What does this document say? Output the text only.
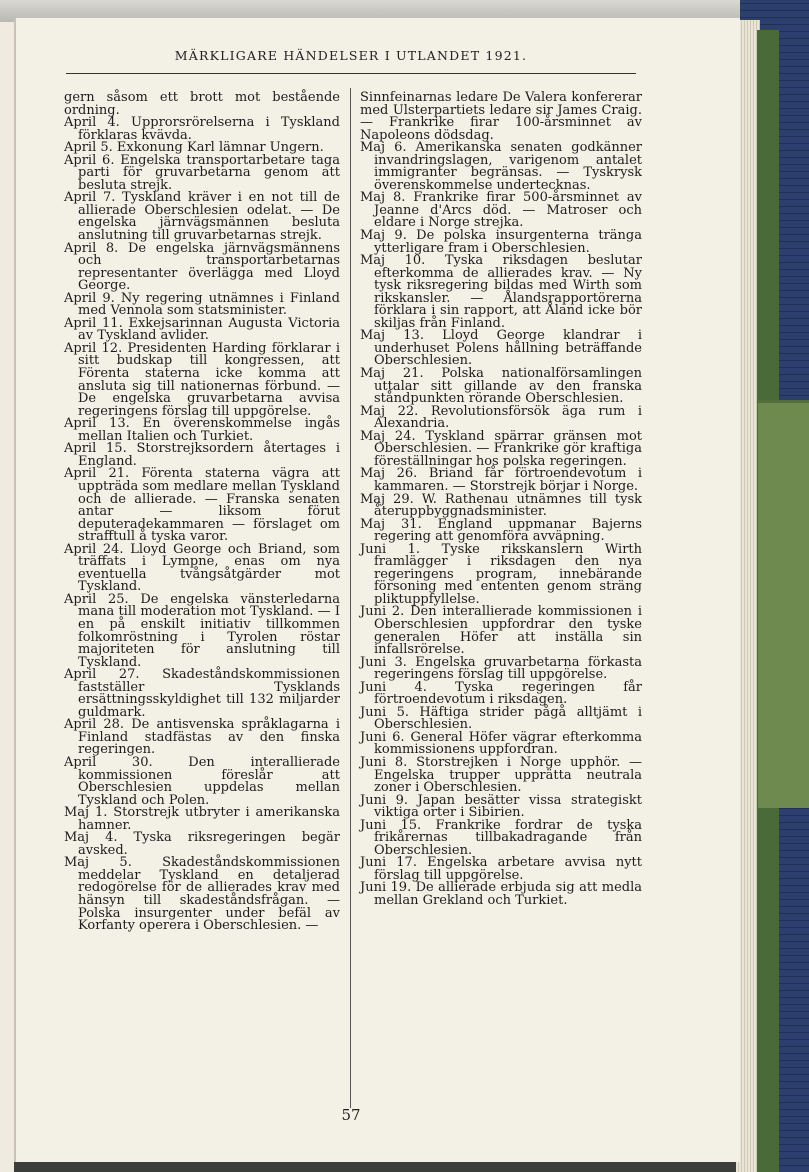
MÄRKLIGARE HÄNDELSER I UTLANDET 1921.

gern såsom ett brott mot bestående ordning.

April 4. Upprorsrörelserna i Tyskland förklaras kvävda.

April 5. Exkonung Karl lämnar Ungern.

April 6. Engelska transportarbetare taga parti för gruvarbetarna genom att besluta strejk.

April 7. Tyskland kräver i en not till de allierade Oberschlesien odelat. — De engelska järnvägsmännen besluta anslutning till gruvarbetarnas strejk.

April 8. De engelska järnvägsmännens och transportarbetarnas representanter överlägga med Lloyd George.

April 9. Ny regering utnämnes i Finland med Vennola som statsminister.

April 11. Exkejsarinnan Augusta Victoria av Tyskland avlider.

April 12. Presidenten Harding förklarar i sitt budskap till kongressen, att Förenta staterna icke komma att ansluta sig till nationernas förbund. — De engelska gruvarbetarna avvisa regeringens förslag till uppgörelse.

April 13. En överenskommelse ingås mellan Italien och Turkiet.

April 15. Storstrejksordern återtages i England.

April 21. Förenta staterna vägra att uppträda som medlare mellan Tyskland och de allierade. — Franska senaten antar — liksom förut deputeradekammaren — förslaget om strafftull å tyska varor.

April 24. Lloyd George och Briand, som träffats i Lympne, enas om nya eventuella tvångsåtgärder mot Tyskland.

April 25. De engelska vänsterledarna mana till moderation mot Tyskland. — I en på enskilt initiativ tillkommen folkomröstning i Tyrolen röstar majoriteten för anslutning till Tyskland.

April 27. Skadeståndskommissionen fastställer Tysklands ersättningsskyldighet till 132 miljarder guldmark.

April 28. De antisvenska språklagarna i Finland stadfästas av den finska regeringen.

April 30. Den interallierade kommissionen föreslår att Oberschlesien uppdelas mellan Tyskland och Polen.

Maj 1. Storstrejk utbryter i amerikanska hamner.

Maj 4. Tyska riksregeringen begär avsked.

Maj 5. Skadeståndskommissionen meddelar Tyskland en detaljerad redogörelse för de allierades krav med hänsyn till skadeståndsfrågan. — Polska insurgenter under befäl av Korfanty operera i Oberschlesien. —

Sinnfeinarnas ledare De Valera konfererar med Ulsterpartiets ledare sir James Craig. — Frankrike firar 100-årsminnet av Napoleons dödsdag.

Maj 6. Amerikanska senaten godkänner invandringslagen, varigenom antalet immigranter begränsas. — Tyskrysk överenskommelse undertecknas.

Maj 8. Frankrike firar 500-årsminnet av Jeanne d'Arcs död. — Matroser och eldare i Norge strejka.

Maj 9. De polska insurgenterna tränga ytterligare fram i Oberschlesien.

Maj 10. Tyska riksdagen beslutar efterkomma de allierades krav. — Ny tysk riksregering bildas med Wirth som rikskansler. — Ålandsrapportörerna förklara i sin rapport, att Åland icke bör skiljas från Finland.

Maj 13. Lloyd George klandrar i underhuset Polens hållning beträffande Oberschlesien.

Maj 21. Polska nationalförsamlingen uttalar sitt gillande av den franska ståndpunkten rörande Oberschlesien.

Maj 22. Revolutionsförsök äga rum i Alexandria.

Maj 24. Tyskland spärrar gränsen mot Oberschlesien. — Frankrike gör kraftiga föreställningar hos polska regeringen.

Maj 26. Briand får förtroendevotum i kammaren. — Storstrejk börjar i Norge.

Maj 29. W. Rathenau utnämnes till tysk återuppbyggnadsminister.

Maj 31. England uppmanar Bajerns regering att genomföra avväpning.

Juni 1. Tyske rikskanslern Wirth framlägger i riksdagen den nya regeringens program, innebärande försoning med ententen genom sträng pliktuppfyllelse.

Juni 2. Den interallierade kommissionen i Oberschlesien uppfordrar den tyske generalen Höfer att inställa sin infallsrörelse.

Juni 3. Engelska gruvarbetarna förkasta regeringens förslag till uppgörelse.

Juni 4. Tyska regeringen får förtroendevotum i riksdagen.

Juni 5. Häftiga strider pågå alltjämt i Oberschlesien.

Juni 6. General Höfer vägrar efterkomma kommissionens uppfordran.

Juni 8. Storstrejken i Norge upphör. — Engelska trupper upprätta neutrala zoner i Oberschlesien.

Juni 9. Japan besätter vissa strategiskt viktiga orter i Sibirien.

Juni 15. Frankrike fordrar de tyska frikårernas tillbakadragande från Oberschlesien.

Juni 17. Engelska arbetare avvisa nytt förslag till uppgörelse.

Juni 19. De allierade erbjuda sig att medla mellan Grekland och Turkiet.

57
